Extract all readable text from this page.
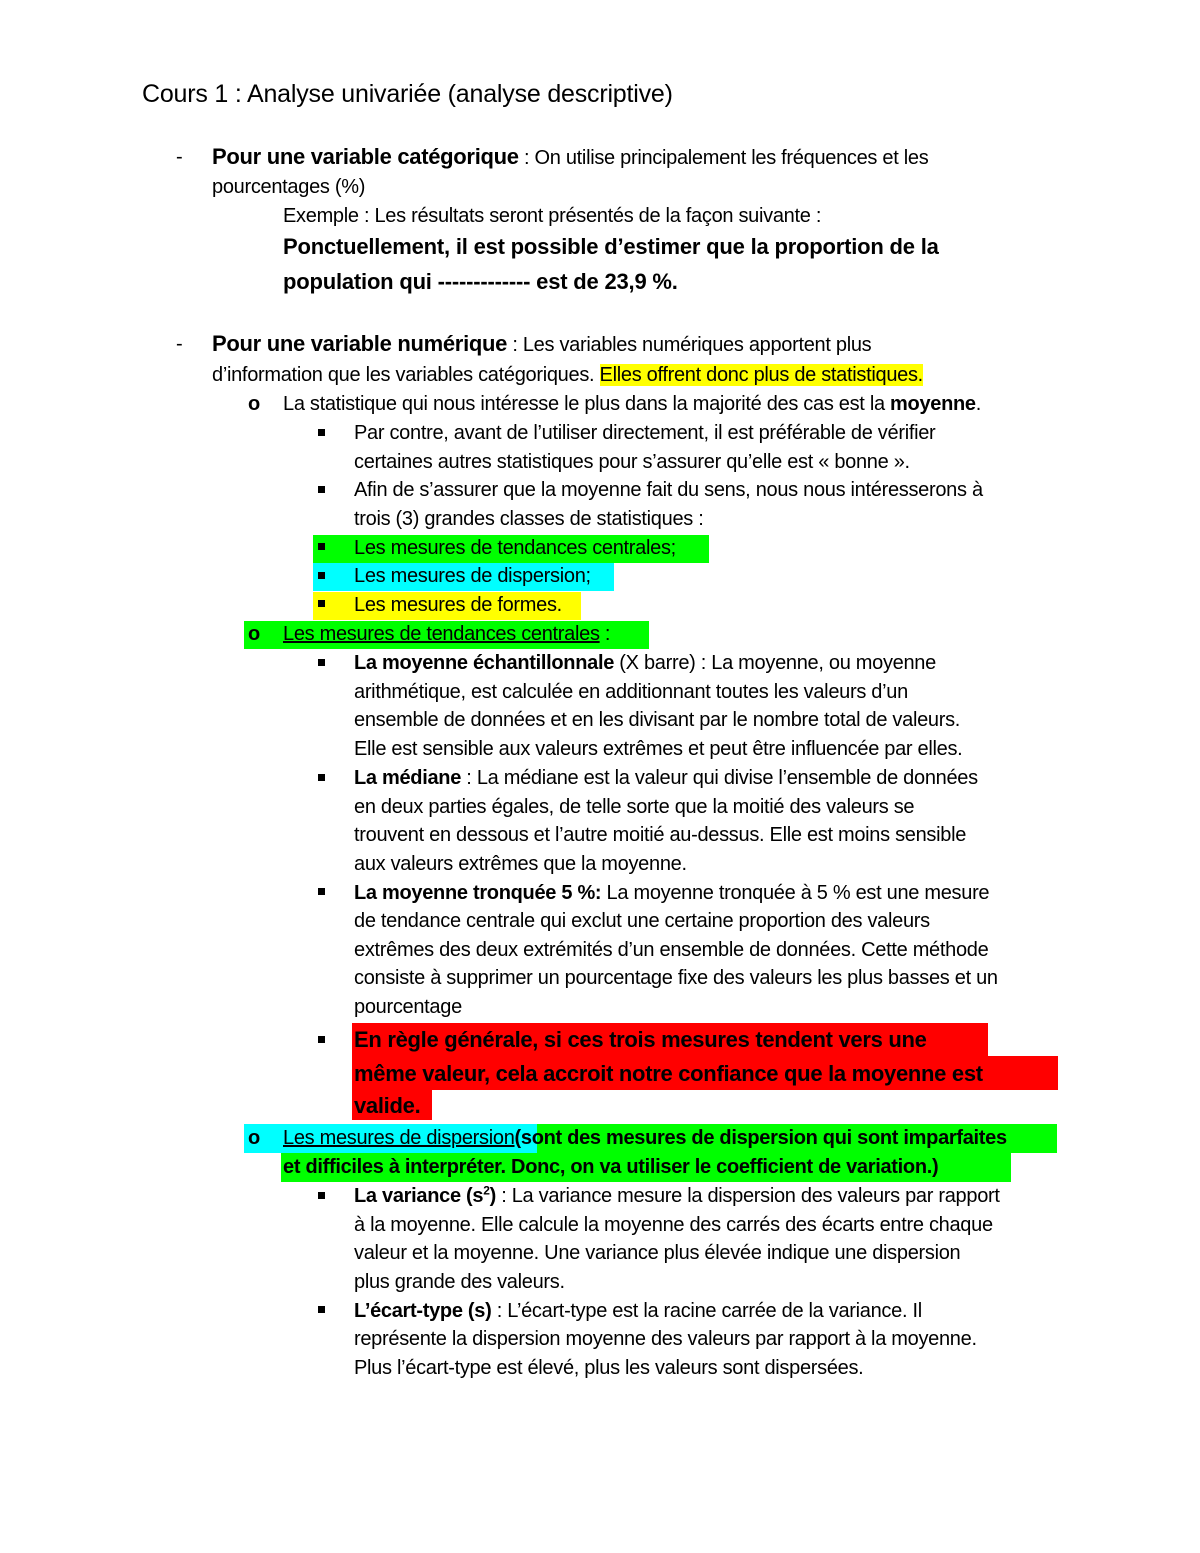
Cours 1 : Analyse univariée (analyse descriptive)
- Pour une variable catégorique : On utilise principalement les fréquences et les
pourcentages (%)
Exemple : Les résultats seront présentés de la façon suivante :
Ponctuellement, il est possible d’estimer que la proportion de la
population qui ------------- est de 23,9 %.
- Pour une variable numérique : Les variables numériques apportent plus
d’information que les variables catégoriques. Elles offrent donc plus de statistiques.
o La statistique qui nous intéresse le plus dans la majorité des cas est la moyenne.
Par contre, avant de l’utiliser directement, il est préférable de vérifier
certaines autres statistiques pour s’assurer qu’elle est « bonne ».
Afin de s’assurer que la moyenne fait du sens, nous nous intéresserons à
trois (3) grandes classes de statistiques :
Les mesures de tendances centrales;
Les mesures de dispersion;
Les mesures de formes.
o Les mesures de tendances centrales :
La moyenne échantillonnale (X barre) : La moyenne, ou moyenne
arithmétique, est calculée en additionnant toutes les valeurs d’un
ensemble de données et en les divisant par le nombre total de valeurs.
Elle est sensible aux valeurs extrêmes et peut être influencée par elles.
La médiane : La médiane est la valeur qui divise l’ensemble de données
en deux parties égales, de telle sorte que la moitié des valeurs se
trouvent en dessous et l’autre moitié au-dessus. Elle est moins sensible
aux valeurs extrêmes que la moyenne.
La moyenne tronquée 5 %: La moyenne tronquée à 5 % est une mesure
de tendance centrale qui exclut une certaine proportion des valeurs
extrêmes des deux extrémités d’un ensemble de données. Cette méthode
consiste à supprimer un pourcentage fixe des valeurs les plus basses et un
pourcentage
En règle générale, si ces trois mesures tendent vers une
même valeur, cela accroit notre confiance que la moyenne est
valide.
o Les mesures de dispersion(sont des mesures de dispersion qui sont imparfaites
et difficiles à interpréter. Donc, on va utiliser le coefficient de variation.)
La variance $(s^2)$ : La variance mesure la dispersion des valeurs par rapport
à la moyenne. Elle calcule la moyenne des carrés des écarts entre chaque
valeur et la moyenne. Une variance plus élevée indique une dispersion
plus grande des valeurs.
L’écart-type (s) : L’écart-type est la racine carrée de la variance. Il
représente la dispersion moyenne des valeurs par rapport à la moyenne.
Plus l’écart-type est élevé, plus les valeurs sont dispersées.
